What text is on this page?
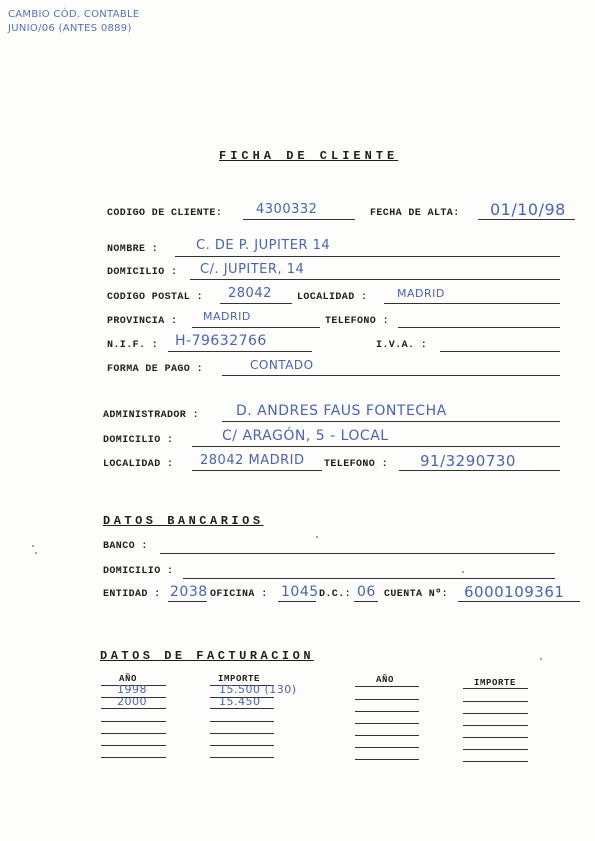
CAMBIO CÓD. CONTABLE
JUNIO/06 (ANTES 0889)
FICHA DE CLIENTE
CODIGO DE CLIENTE:	4300332	FECHA DE ALTA: 01/10/98
NOMBRE :	C. DE P. JUPITER 14
DOMICILIO : C/. JUPITER, 14
CODIGO POSTAL : 28042	LOCALIDAD :	MADRID
PROVINCIA : MADRID	TELEFONO :
N.I.F. : H-79632766	I.V.A. :
FORMA DE PAGO :	CONTADO
ADMINISTRADOR :	D. ANDRES FAUS FONTECHA
DOMICILIO :	C/ ARAGÓN, 5 - LOCAL
LOCALIDAD : 28042 MADRID TELEFONO : 91/3290730
DATOS BANCARIOS
BANCO :
DOMICILIO :
ENTIDAD : 2038 OFICINA : 1045 D.C.: 06 CUENTA Nº: 6000109361
DATOS DE FACTURACION
AÑO	IMPORTE	AÑO	IMPORTE
1998	15.500 (130)
2000	15.450
